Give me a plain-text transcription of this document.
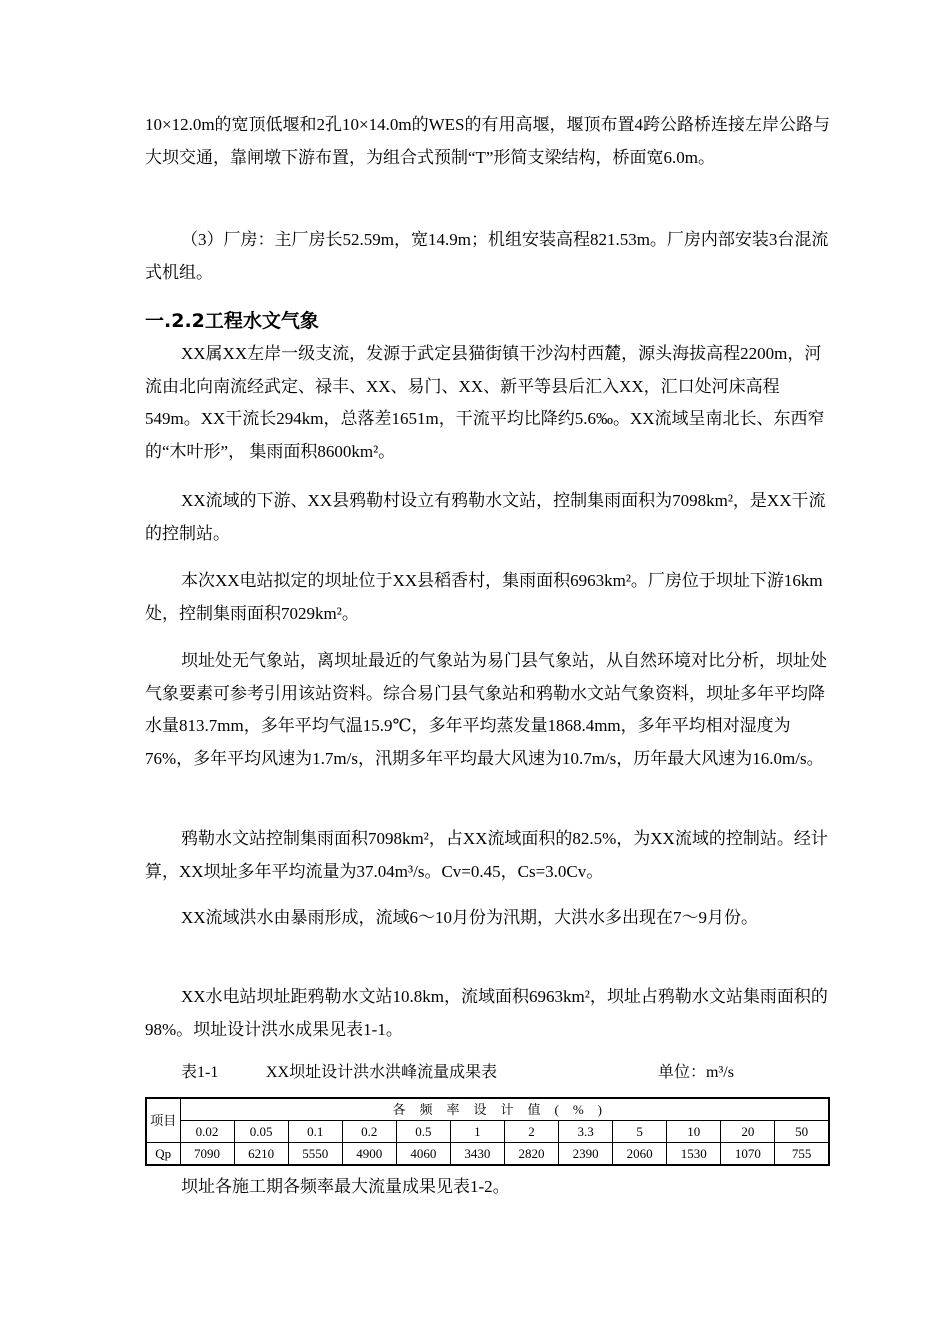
10×12.0m的宽顶低堰和2孔10×14.0m的WES的有用高堰，堰顶布置4跨公路桥连接左岸公路与大坝交通，靠闸墩下游布置，为组合式预制“T”形简支梁结构，桥面宽6.0m。

（3）厂房：主厂房长52.59m，宽14.9m；机组安装高程821.53m。厂房内部安装3台混流式机组。

一.2.2工程水文气象

XX属XX左岸一级支流，发源于武定县猫街镇干沙沟村西麓，源头海拔高程2200m，河流由北向南流经武定、禄丰、XX、易门、XX、新平等县后汇入XX，汇口处河床高程549m。XX干流长294km，总落差1651m，干流平均比降约5.6‰。XX流域呈南北长、东西窄的“木叶形”， 集雨面积8600km²。

XX流域的下游、XX县鸦勒村设立有鸦勒水文站，控制集雨面积为7098km²，是XX干流的控制站。

本次XX电站拟定的坝址位于XX县稻香村，集雨面积6963km²。厂房位于坝址下游16km处，控制集雨面积7029km²。

坝址处无气象站，离坝址最近的气象站为易门县气象站，从自然环境对比分析，坝址处气象要素可参考引用该站资料。综合易门县气象站和鸦勒水文站气象资料，坝址多年平均降水量813.7mm，多年平均气温15.9℃，多年平均蒸发量1868.4mm，多年平均相对湿度为76%，多年平均风速为1.7m/s，汛期多年平均最大风速为10.7m/s，历年最大风速为16.0m/s。

鸦勒水文站控制集雨面积7098km²，占XX流域面积的82.5%，为XX流域的控制站。经计算，XX坝址多年平均流量为37.04m³/s。Cv=0.45，Cs=3.0Cv。

XX流域洪水由暴雨形成，流域6～10月份为汛期，大洪水多出现在7～9月份。

XX水电站坝址距鸦勒水文站10.8km，流域面积6963km²，坝址占鸦勒水文站集雨面积的98%。坝址设计洪水成果见表1-1。

表1-1	XX坝址设计洪水洪峰流量成果表	单位：m³/s
项目	各频率设计值(%)											
	0.02	0.05	0.1	0.2	0.5	1	2	3.3	5	10	20	50
Qp	7090	6210	5550	4900	4060	3430	2820	2390	2060	1530	1070	755

坝址各施工期各频率最大流量成果见表1-2。
